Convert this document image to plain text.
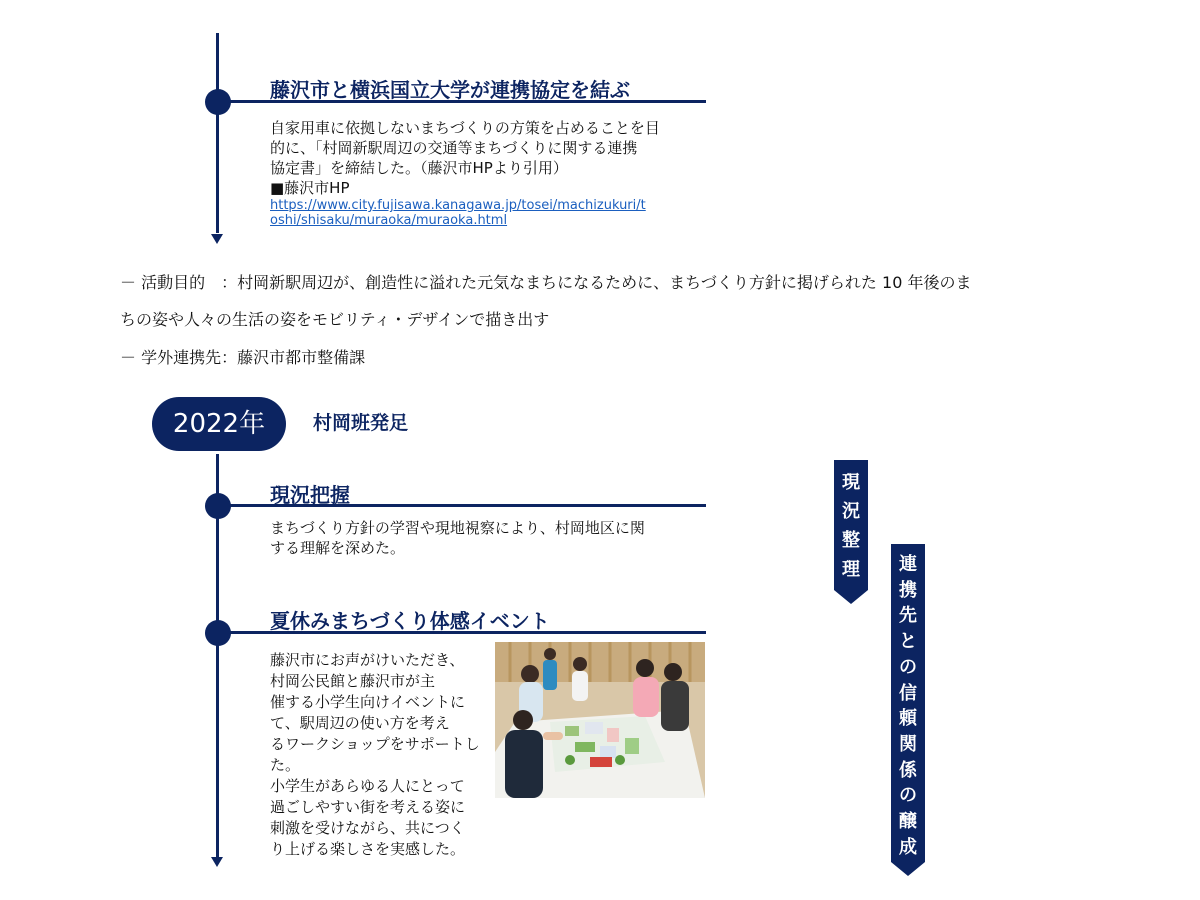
藤沢市と横浜国立大学が連携協定を結ぶ
自家用車に依拠しないまちづくりの方策を占めることを目
的に、「村岡新駅周辺の交通等まちづくりに関する連携
協定書」を締結した。（藤沢市HPより引用）
■藤沢市HP
https://www.city.fujisawa.kanagawa.jp/tosei/machizukuri/t
oshi/shisaku/muraoka/muraoka.html
－ 活動目的　：村岡新駅周辺が、創造性に溢れた元気なまちになるために、まちづくり方針に掲げられた 10 年後のま
ちの姿や人々の生活の姿をモビリティ・デザインで描き出す
－ 学外連携先：藤沢市都市整備課
2022年	村岡班発足
現況把握
まちづくり方針の学習や現地視察により、村岡地区に関
する理解を深めた。
夏休みまちづくり体感イベント
藤沢市にお声がけいただき、
村岡公民館と藤沢市が主
催する小学生向けイベントに
て、駅周辺の使い方を考え
るワークショップをサポートした。
小学生があらゆる人にとって
過ごしやすい街を考える姿に
刺激を受けながら、共につく
り上げる楽しさを実感した。
現
況
整
理	連
携
先
と
の
信
頼
関
係
の
醸
成
